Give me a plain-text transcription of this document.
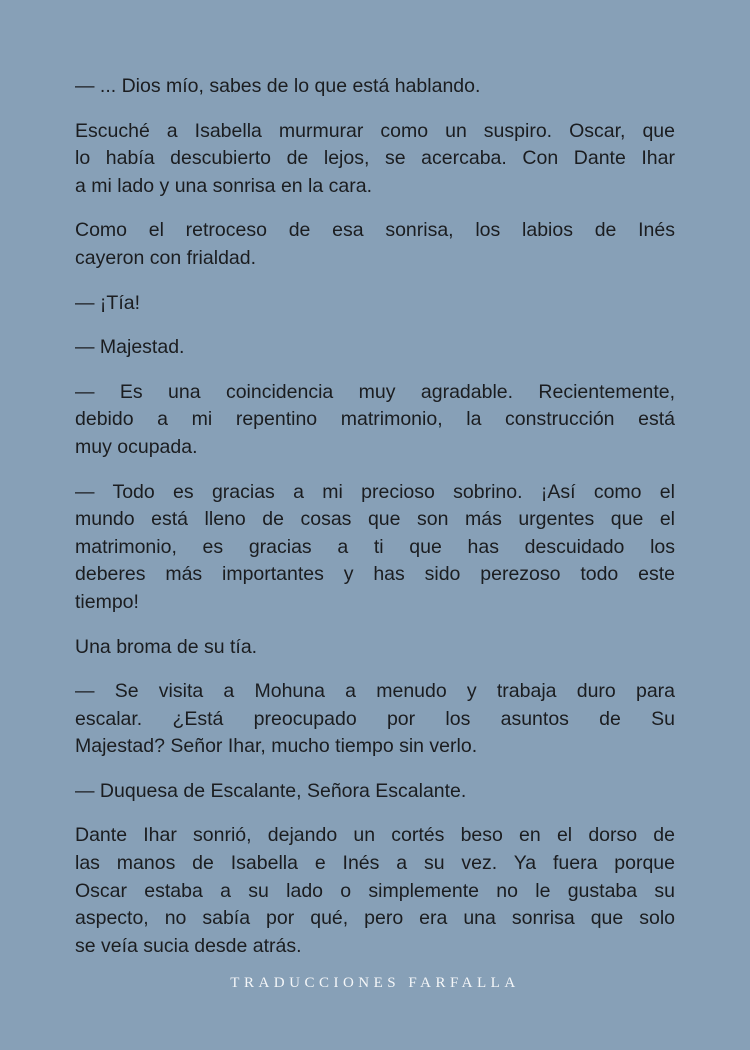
— ... Dios mío, sabes de lo que está hablando.
Escuché a Isabella murmurar como un suspiro. Oscar, que
lo había descubierto de lejos, se acercaba. Con Dante Ihar
a mi lado y una sonrisa en la cara.
Como el retroceso de esa sonrisa, los labios de Inés
cayeron con frialdad.
— ¡Tía!
— Majestad.
— Es una coincidencia muy agradable. Recientemente,
debido a mi repentino matrimonio, la construcción está
muy ocupada.
— Todo es gracias a mi precioso sobrino. ¡Así como el
mundo está lleno de cosas que son más urgentes que el
matrimonio, es gracias a ti que has descuidado los
deberes más importantes y has sido perezoso todo este
tiempo!
Una broma de su tía.
— Se visita a Mohuna a menudo y trabaja duro para
escalar. ¿Está preocupado por los asuntos de Su
Majestad? Señor Ihar, mucho tiempo sin verlo.
— Duquesa de Escalante, Señora Escalante.
Dante Ihar sonrió, dejando un cortés beso en el dorso de
las manos de Isabella e Inés a su vez. Ya fuera porque
Oscar estaba a su lado o simplemente no le gustaba su
aspecto, no sabía por qué, pero era una sonrisa que solo
se veía sucia desde atrás.
TRADUCCIONES FARFALLA
